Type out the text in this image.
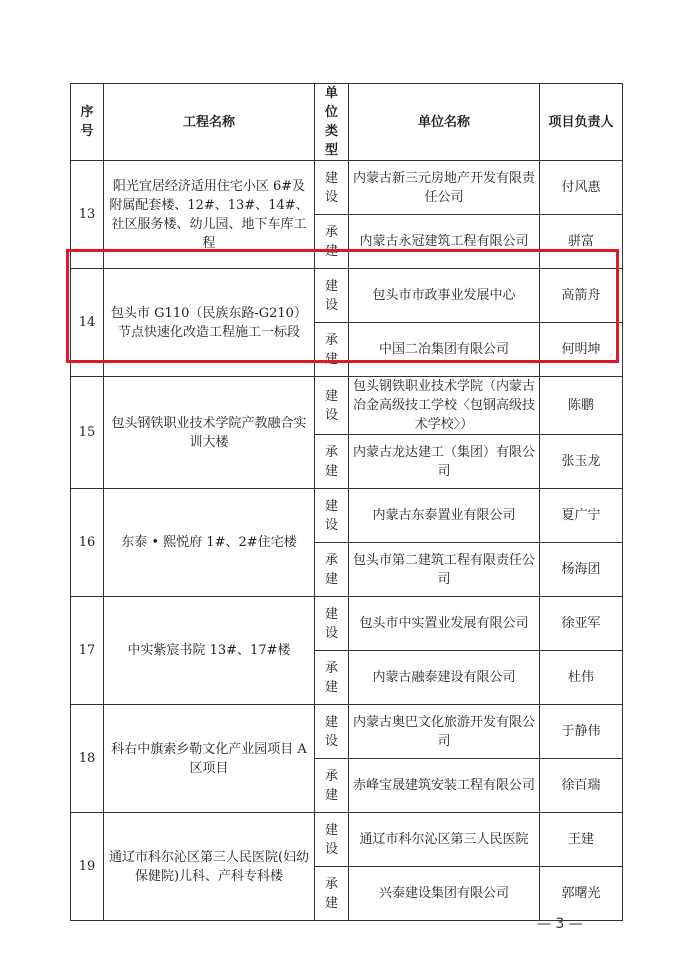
序号	工程名称	单位类型	单位名称	项目负责人
13	阳光宜居经济适用住宅小区 6#及附属配套楼、12#、13#、14#、社区服务楼、幼儿园、地下车库工程	建设	内蒙古新三元房地产开发有限责任公司	付风惠
		承建	内蒙古永冠建筑工程有限公司	骈富
14	包头市 G110（民族东路-G210）节点快速化改造工程施工一标段	建设	包头市市政事业发展中心	高箭舟
		承建	中国二冶集团有限公司	何明坤
15	包头钢铁职业技术学院产教融合实训大楼	建设	包头钢铁职业技术学院（内蒙古冶金高级技工学校〈包钢高级技术学校〉）	陈鹏
		承建	内蒙古龙达建工（集团）有限公司	张玉龙
16	东泰 • 熙悦府 1#、2#住宅楼	建设	内蒙古东泰置业有限公司	夏广宁
		承建	包头市第二建筑工程有限责任公司	杨海团
17	中实紫宸书院 13#、17#楼	建设	包头市中实置业发展有限公司	徐亚军
		承建	内蒙古融泰建设有限公司	杜伟
18	科右中旗索乡勒文化产业园项目 A 区项目	建设	内蒙古奥巴文化旅游开发有限公司	于静伟
		承建	赤峰宝晟建筑安装工程有限公司	徐百瑞
19	通辽市科尔沁区第三人民医院(妇幼保健院)儿科、产科专科楼	建设	通辽市科尔沁区第三人民医院	王建
		承建	兴泰建设集团有限公司	郭曙光
— 3 —
